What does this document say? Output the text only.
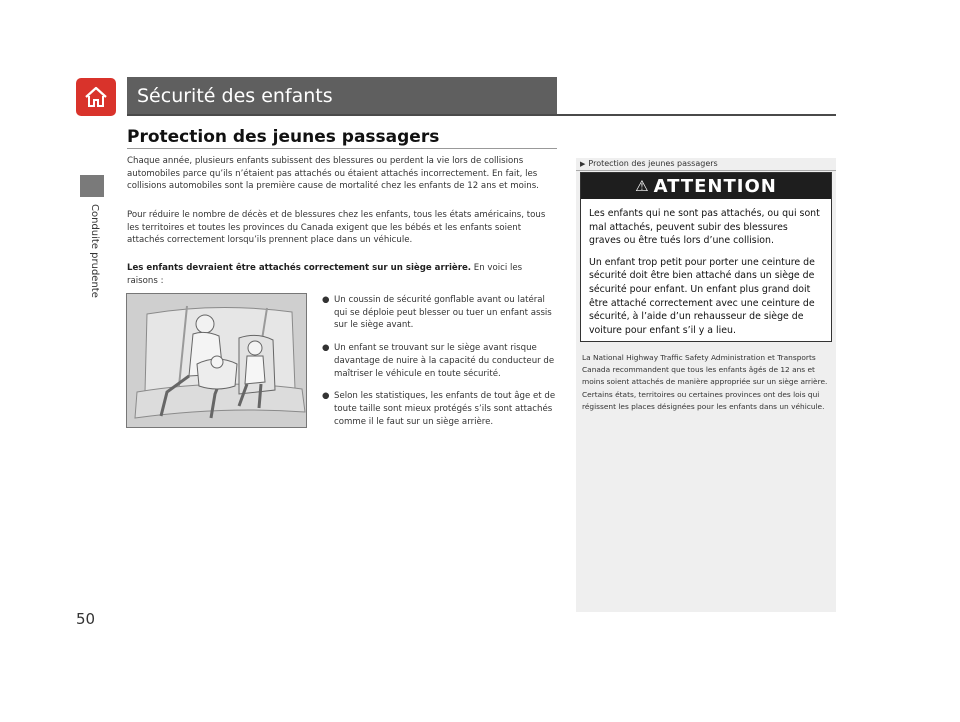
Conduite prudente
50
Sécurité des enfants
Protection des jeunes passagers
Chaque année, plusieurs enfants subissent des blessures ou perdent la vie lors de collisions automobiles parce qu’ils n’étaient pas attachés ou étaient attachés incorrectement. En fait, les collisions automobiles sont la première cause de mortalité chez les enfants de 12 ans et moins.
Pour réduire le nombre de décès et de blessures chez les enfants, tous les états américains, tous les territoires et toutes les provinces du Canada exigent que les bébés et les enfants soient attachés correctement lorsqu’ils prennent place dans un véhicule.
Les enfants devraient être attachés correctement sur un siège arrière. En voici les raisons :
● Un coussin de sécurité gonflable avant ou latéral qui se déploie peut blesser ou tuer un enfant assis sur le siège avant.
● Un enfant se trouvant sur le siège avant risque davantage de nuire à la capacité du conducteur de maîtriser le véhicule en toute sécurité.
● Selon les statistiques, les enfants de tout âge et de toute taille sont mieux protégés s’ils sont attachés comme il le faut sur un siège arrière.
▶ Protection des jeunes passagers
⚠ ATTENTION
Les enfants qui ne sont pas attachés, ou qui sont mal attachés, peuvent subir des blessures graves ou être tués lors d’une collision.
Un enfant trop petit pour porter une ceinture de sécurité doit être bien attaché dans un siège de sécurité pour enfant. Un enfant plus grand doit être attaché correctement avec une ceinture de sécurité, à l’aide d’un rehausseur de siège de voiture pour enfant s’il y a lieu.
La National Highway Traffic Safety Administration et Transports Canada recommandent que tous les enfants âgés de 12 ans et moins soient attachés de manière appropriée sur un siège arrière. Certains états, territoires ou certaines provinces ont des lois qui régissent les places désignées pour les enfants dans un véhicule.
